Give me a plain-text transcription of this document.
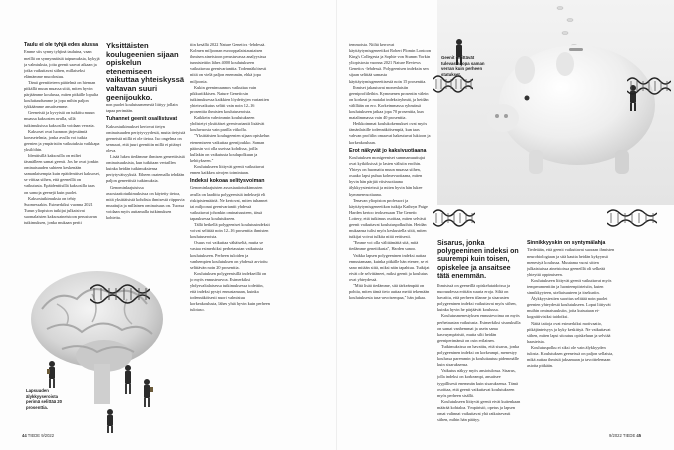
Taulu ei ole tyhjä edes alussa

Emme siis synny tyhjinä tauluina, vaan meillä on synnynnäisiä taipumuksia, kykyjä ja valmiuksia, joita geenit saavat aikaan ja jotka vaikuttavat siihen, millaiseksi elämämme muodostuu.

Tämä geenitieteen päätelmä on hieman pitkällä muun muassa siitä, miten hyvin pärjäämme koulussa, miten pitkälle lopulta kouluttaudumme ja jopa mihin paljon tykkäämme ansaitsemme.

Geeneistä ja kyvyistä on tutkittu muun muassa kaksosten avulla, sillä tutkimuksissa kaksosilla voidaan verrata.

Kaksoset ovat luonnon järjestämiä koeasetelmia, jonka avulla voi tutkia geenien ja ympäristön vaikutuksia vaikkapa yksilöihin.

Identtisillä kaksosilla on miltei täsmälleen samat geenit. Jos he ovat jonkin ominaisuuden suhteen keskenään samanlaisempia kuin epäidenttiset kaksoset, se viittaa siihen, että geeneillä on vaikutusta. Epäidenttisillä kaksosilla taas on samoja geenejä kuin puolet.

Kaksostutkimuksia on tehty Suomessakin. Esimerkiksi vuonna 2021 Turun yliopiston tutkijat julkaisivat suomalaisten kaksosaineistoon perustuvan tutkimuksen, jonka mukaan periti

Yksittäisten koulugeenien sijaan opiskelun etenemiseen vaikuttaa yhteiskyssä valtavan suuri geenijoukko.

non puolet koulutusmenestä liittyy jollain tapaa perimään.

Tuhannet geenit osallistuvat

Kaksostutkimukset kertovat tietyn ominaisuuden periytyvyydestä, mutta tietyistä geeneistä niillä ei ole tietoa. Iso ongelma on sensuuri, että juuri geenitiin millä ei pitänyt oleva.

Lisää lukea tiedämme ihmisen geneettisistä ominaisuuksista, kun tutkitaan vertaillen kuinka heidän tutkimuksiensa periytyväisyyksiä. Eiheen osatemalla tehdään paljon geneettisiä tutkimuksia.

Genominlaajuisissa assosiaatiotutkimuksissa on käytetty tietoa, mitä yksittäisistä kohdista ihmisestä riippuvia muuttujia ja millainen ominaisuus on. Tuossa voidaan myös auttamalla tutkimuksen kohteita.

tiin kesällä 2022 Nature Genetics -lehdessä. Kolmen miljoonan eurooppalaistaustaisen ihmisen aineistoon perustuvassa analyysissa tunnistettiin lähes 4000 koulutukseen vaikuttavaa geenivarianttia. Todennäköisesti niitä on vielä paljon enemmän, ehkä jopa miljoonia.

Kukin geenimuunnos vaikuttaa vain pikkuriikkisen. Nature Geneticsin tutkimuksessa kaikkien löydettyjen variantien yhteisvaikutus selitti vain noin 12–16 prosenttia ihmisten koulutuseroista.

Kaikkein vahvimmin koulutukseen yhdistetyt yksittäiset geenivariantit lisäävät kouluvuosia vain parilla viikolla.

"Yksittäisten koulugeenien sijaan opiskelun etenemiseen vaikuttaa geenijoukko. Saman pääosin voi olla useissa kohdissa, joilla kullakin on vaikutusta koulupolkuun ja kehitykseen."

Koulutukseen liittyvät geenit vaikuttavat ennen kaikkea aivojen toimintaan.

Indeksi kokoaa selitysvoiman

Genominlaajuisten assosiaatiotutkimusten avulla on laadittu polygeenisiä indeksejä eli riskipistemääriä. Ne kertovat, miten tuhannet tai miljoonat geenivariantit yhdessä vaikuttavat johonkin ominaisuuteen, tässä tapauksessa koulutukseen.

Tällä hetkellä polygeeniset koulutusindeksit voivat selittää noin 12–16 prosenttia ihmisten koulutuseroista.

Osuus voi vaikuttaa vähäiseltä, mutta se vastaa esimerkiksi perhetaustan vaikutusta koulutukseen. Perheen tuloiden ja vanhempien koulutuksen on yhdessä arvioitu selittävän noin 20 prosenttia.

Koulutuksen polygeenisillä indekseillä on jo myös ennustearvoa. Esimerkiksi yhdysvaltalaisessa tutkimuksessa todettiin, että indeksi pystyi ennustamaan, kuinka todennäköisesti nuori valmistuu korkeakoulusta, lähes yhtä hyvin kuin perheen tulotaso.

Lapsuuden älykkyyseroista perimä selittää 20 prosenttia.
44 TIEDE 9/2022

temmoista. Niiltä kerrovat käyttäytymisgeneetikot Robert Plomin Lontoon King's Collegesta ja Sophie von Stumm Yorkin yliopistosta vuonna 2021 Nature Reviews Genetics -lehdessä. Polygeenisen indeksin sen sijaan selittää samasta käyttäytymisgeneettisestä noin 15 prosenttia.

Ihmiset jakautuvat monenlaisiin geeniprofiileihin. Kymmenen prosentin välein on korkeat ja matalat indeksiryhmät, ja heidän välillään on ero. Korkeimmassa ryhmässä koulutukseen jatkaa jopa 70 prosenttia, kun matalimmassa vain 40 prosenttia.

Heikkoimmat koulukokemukset ovat myös tämänlaisille todennäköisempiä, kun taas vahvan profiilin omaavat hakeutuvat lukioon ja korkeakouluun.

Erot näkyvät jo kaksivuotiaana

Koulutuksen monigeeniset summamuuttujat ovat kytköksissä jo lasten välisiin eroihin. Yhteys on huomattu muun muassa siihen, osaako lapsi puhua kolmevuotiaana, miten hyvin hän pärjää viisivuotiaana älykkyystesteissä ja miten hyvin hän lukee kymmenvuotiaana.

Tenavan yliopiston professori ja käyttäytymisgeneetikon tutkija Kathryn Paige Harden kertoo teoksessaan The Genetic Lottery, että tutkimus osoittaa, miten selvästi geenit vaikuttavat koulutuspolkuihin. Heidän mukaansa tulisi myös keskustella siitä, miten tutkijat voivat tulkita niitä eettisesti.

"Emme voi olla välittämättä sitä, mitä tiedämme genetiikasta", Harden sanoo.

Vaikka lapsen polygeeninen indeksi auttaa ennustamaan, kuinka pitkälle hän etenee, se ei sano mitään siitä, miksi näin tapahtuu. Tutkijat eivät ole selvittäneet, miksi geenit ja koulutus ovat yhteydessä.

"Mitä lisää tiedämme, sitä tärkeämpää on pohtia, miten tämä tieto auttaa meitä tekemään koulutuksesta tasa-arvoisempaa," hän jatkaa.

Geenit selittävät tulevasta jopa saman verran kuin perheen statukset.
Sisarus, jonka polygeeninen indeksi on suurempi kuin toisen, opiskelee ja ansaitsee tätä enemmän.

Ihmisissä on geeneillä opiskelutaidoissa ja nuoruudessa erittäin suuria eroja. Siltä on havaittu, että perheen tilanne ja sisarusten polygeeninen indeksi vaikuttavat myös siihen, kuinka hyvin he pärjäävät koulussa.

Koulutusmenestyksen ennustevoima on myös perhetaustan vaikutusta. Esimerkiksi sisaruksilla on samat vanhemmat ja usein sama kasvuympäristö, mutta silti heidän geeniperimänsä on osin erilainen.

Tutkimuksissa on havaittu, että sisarus, jonka polygeeninen indeksi on korkeampi, menestyy koulussa paremmin ja kouluttautuu pidemmälle kuin sisaruksensa.

Vaikutus näkyy myös ansiotulossa. Sisarus, jolla indeksi on korkeampi, ansaitsee tyypillisesti enemmän kuin sisaruksensa. Tämä osoittaa, että geenit vaikuttavat koulutukseen myös perheen sisällä.

Koulutukseen liittyvät geenit eivät kuitenkaan määrää kohtaloa. Ympäristö, opetus ja lapsen omat valinnat vaikuttavat yhä ratkaisevasti siihen, mihin hän päätyy.

Sinnikkyyskin on syntymälahja

Tiedetään, että geenit vaikuttavat suoraan ihmisten neurobiologiaan ja sitä kautta heidän kykyynsä menestyä koulussa. Muutama vuosi sitten julkaistuissa aineistoissa geeneillä oli selkeää yhteyttä oppimiseen.

Koulutukseen liittyvät geenit vaikuttavat myös temperamenttiin ja luonteenpiirteisiin, kuten sinnikkyyteen, uteliaisuuteen ja itsekuriin.

Älykkyystestien suoritus selittää noin puolet geenien yhteydestä koulutukseen. Loput liittyvät muihin ominaisuuksiin, joita kutsutaan ei-kognitiivisiksi taidoiksi.

Näitä taitoja ovat esimerkiksi motivaatio, pitkäjänteisyys ja kyky keskittyä. Ne vaikuttavat siihen, miten lapsi sitoutuu opiskeluun ja selviää haasteista.

Koulutuspolku ei siksi ole vain älykkyyden tulosta. Koulutuksen geeneissä on paljon sellaista, mikä auttaa ihmistä jaksamaan ja tavoittelemaan asioita pitkään.

9/2022 TIEDE 45
